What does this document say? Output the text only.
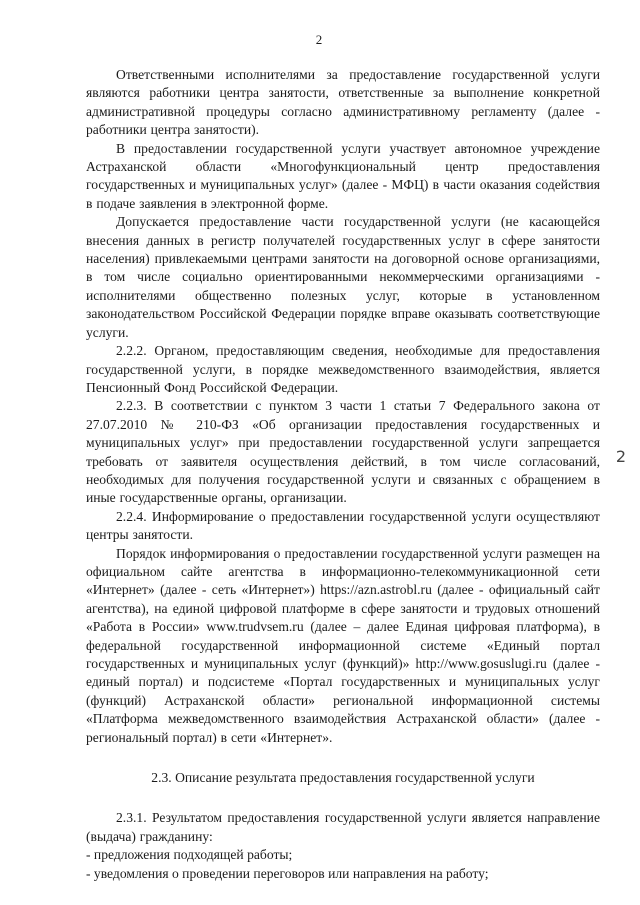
2

Ответственными исполнителями за предоставление государственной услуги являются работники центра занятости, ответственные за выполнение конкретной административной процедуры согласно административному регламенту (далее - работники центра занятости).

В предоставлении государственной услуги участвует автономное учреждение Астраханской области «Многофункциональный центр предоставления государственных и муниципальных услуг» (далее - МФЦ) в части оказания содействия в подаче заявления в электронной форме.

Допускается предоставление части государственной услуги (не касающейся внесения данных в регистр получателей государственных услуг в сфере занятости населения) привлекаемыми центрами занятости на договорной основе организациями, в том числе социально ориентированными некоммерческими организациями - исполнителями общественно полезных услуг, которые в установленном законодательством Российской Федерации порядке вправе оказывать соответствующие услуги.

2.2.2. Органом, предоставляющим сведения, необходимые для предоставления государственной услуги, в порядке межведомственного взаимодействия, является Пенсионный Фонд Российской Федерации.

2.2.3. В соответствии с пунктом 3 части 1 статьи 7 Федерального закона от 27.07.2010 № 210-ФЗ «Об организации предоставления государственных и муниципальных услуг» при предоставлении государственной услуги запрещается требовать от заявителя осуществления действий, в том числе согласований, необходимых для получения государственной услуги и связанных с обращением в иные государственные органы, организации.

2.2.4. Информирование о предоставлении государственной услуги осуществляют центры занятости.

Порядок информирования о предоставлении государственной услуги размещен на официальном сайте агентства в информационно-телекоммуникационной сети «Интернет» (далее - сеть «Интернет») https://azn.astrobl.ru (далее - официальный сайт агентства), на единой цифровой платформе в сфере занятости и трудовых отношений «Работа в России» www.trudvsem.ru (далее – далее Единая цифровая платформа), в федеральной государственной информационной системе «Единый портал государственных и муниципальных услуг (функций)» http://www.gosuslugi.ru (далее - единый портал) и подсистеме «Портал государственных и муниципальных услуг (функций) Астраханской области» региональной информационной системы «Платформа межведомственного взаимодействия Астраханской области» (далее - региональный портал) в сети «Интернет».

2.3. Описание результата предоставления государственной услуги

2.3.1. Результатом предоставления государственной услуги является направление (выдача) гражданину:

- предложения подходящей работы;

- уведомления о проведении переговоров или направления на работу;

2
